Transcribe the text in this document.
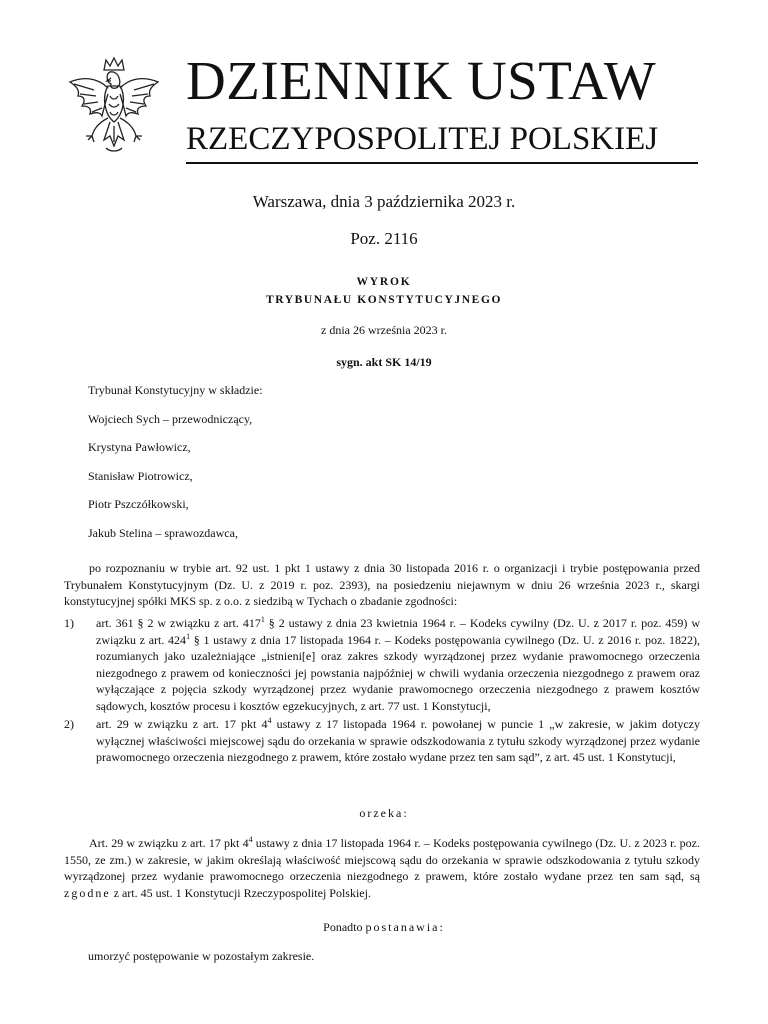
DZIENNIK USTAW
RZECZYPOSPOLITEJ POLSKIEJ
Warszawa, dnia 3 października 2023 r.
Poz. 2116
WYROK
TRYBUNAŁU KONSTYTUCYJNEGO
z dnia 26 września 2023 r.
sygn. akt SK 14/19
Trybunał Konstytucyjny w składzie:
Wojciech Sych – przewodniczący,
Krystyna Pawłowicz,
Stanisław Piotrowicz,
Piotr Pszczółkowski,
Jakub Stelina – sprawozdawca,
po rozpoznaniu w trybie art. 92 ust. 1 pkt 1 ustawy z dnia 30 listopada 2016 r. o organizacji i trybie postępowania przed Trybunałem Konstytucyjnym (Dz. U. z 2019 r. poz. 2393), na posiedzeniu niejawnym w dniu 26 września 2023 r., skargi konstytucyjnej spółki MKS sp. z o.o. z siedzibą w Tychach o zbadanie zgodności:
1) art. 361 § 2 w związku z art. $417^1$ § 2 ustawy z dnia 23 kwietnia 1964 r. – Kodeks cywilny (Dz. U. z 2017 r. poz. 459) w związku z art. $424^1$ § 1 ustawy z dnia 17 listopada 1964 r. – Kodeks postępowania cywilnego (Dz. U. z 2016 r. poz. 1822), rozumianych jako uzależniające „istnieni[e] oraz zakres szkody wyrządzonej przez wydanie prawomocnego orzeczenia niezgodnego z prawem od konieczności jej powstania najpóźniej w chwili wydania orzeczenia niezgodnego z prawem oraz wyłączające z pojęcia szkody wyrządzonej przez wydanie prawomocnego orzeczenia niezgodnego z prawem kosztów sądowych, kosztów procesu i kosztów egzekucyjnych, z art. 77 ust. 1 Konstytucji,
2) art. 29 w związku z art. 17 pkt $4^4$ ustawy z 17 listopada 1964 r. powołanej w puncie 1 „w zakresie, w jakim dotyczy wyłącznej właściwości miejscowej sądu do orzekania w sprawie odszkodowania z tytułu szkody wyrządzonej przez wydanie prawomocnego orzeczenia niezgodnego z prawem, które zostało wydane przez ten sam sąd”, z art. 45 ust. 1 Konstytucji,
orzeka:
Art. 29 w związku z art. 17 pkt $4^4$ ustawy z dnia 17 listopada 1964 r. – Kodeks postępowania cywilnego (Dz. U. z 2023 r. poz. 1550, ze zm.) w zakresie, w jakim określają właściwość miejscową sądu do orzekania w sprawie odszkodowania z tytułu szkody wyrządzonej przez wydanie prawomocnego orzeczenia niezgodnego z prawem, które zostało wydane przez ten sam sąd, są zgodne z art. 45 ust. 1 Konstytucji Rzeczypospolitej Polskiej.
Ponadto postanawia:
umorzyć postępowanie w pozostałym zakresie.
